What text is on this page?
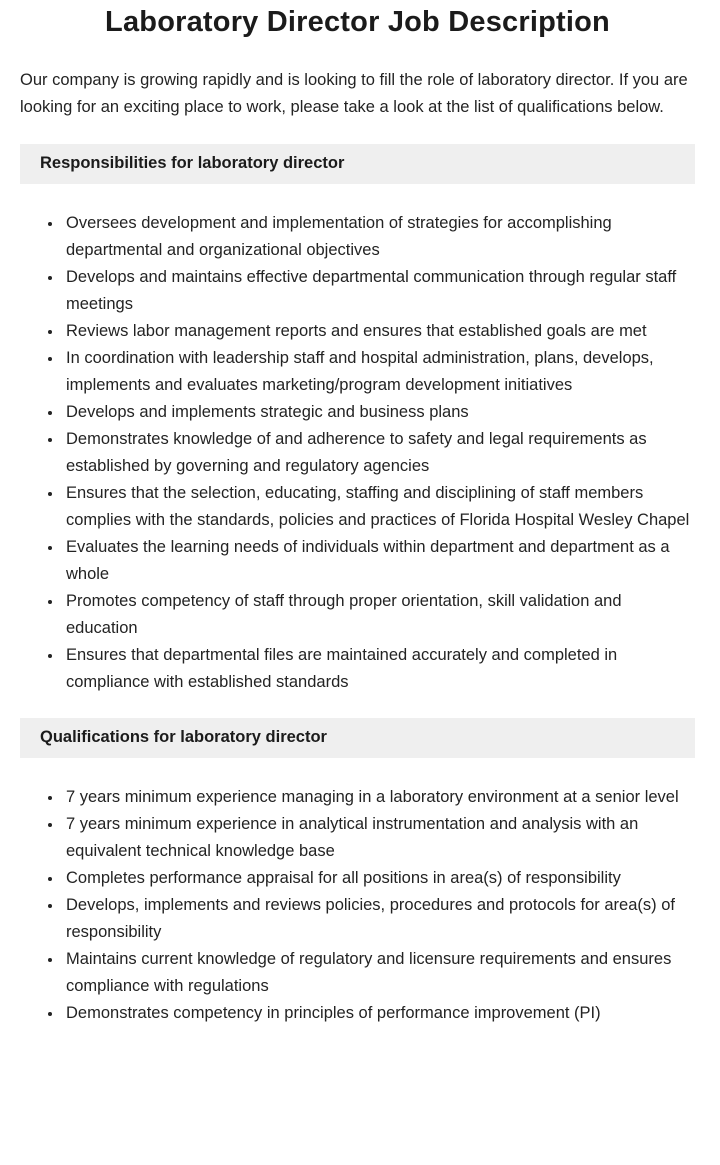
Laboratory Director Job Description

Our company is growing rapidly and is looking to fill the role of laboratory director. If you are looking for an exciting place to work, please take a look at the list of qualifications below.

Responsibilities for laboratory director
• Oversees development and implementation of strategies for accomplishing departmental and organizational objectives
• Develops and maintains effective departmental communication through regular staff meetings
• Reviews labor management reports and ensures that established goals are met
• In coordination with leadership staff and hospital administration, plans, develops, implements and evaluates marketing/program development initiatives
• Develops and implements strategic and business plans
• Demonstrates knowledge of and adherence to safety and legal requirements as established by governing and regulatory agencies
• Ensures that the selection, educating, staffing and disciplining of staff members complies with the standards, policies and practices of Florida Hospital Wesley Chapel
• Evaluates the learning needs of individuals within department and department as a whole
• Promotes competency of staff through proper orientation, skill validation and education
• Ensures that departmental files are maintained accurately and completed in compliance with established standards
Qualifications for laboratory director
• 7 years minimum experience managing in a laboratory environment at a senior level
• 7 years minimum experience in analytical instrumentation and analysis with an equivalent technical knowledge base
• Completes performance appraisal for all positions in area(s) of responsibility
• Develops, implements and reviews policies, procedures and protocols for area(s) of responsibility
• Maintains current knowledge of regulatory and licensure requirements and ensures compliance with regulations
• Demonstrates competency in principles of performance improvement (PI)
